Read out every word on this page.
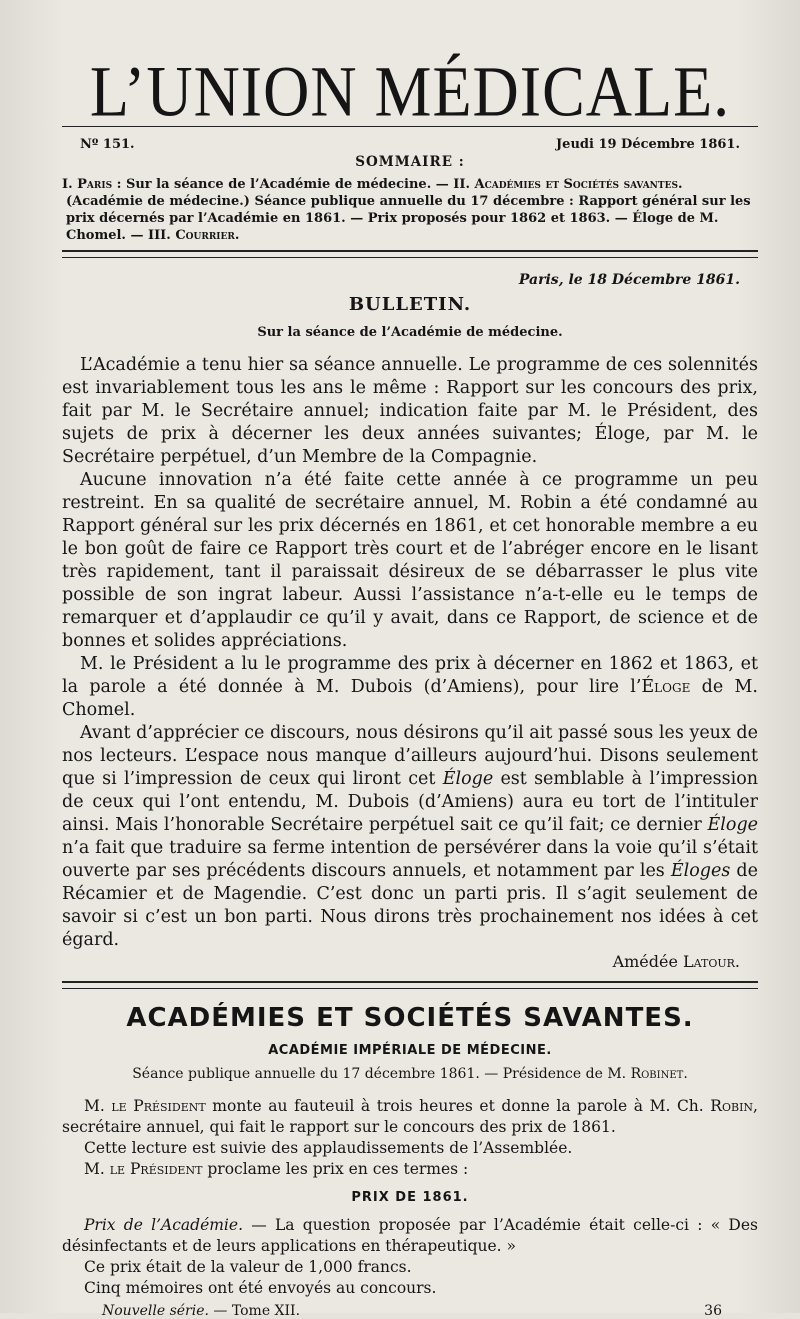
L’UNION MÉDICALE.
Nº 151.	Jeudi 19 Décembre 1861.
SOMMAIRE :
I. Paris : Sur la séance de l’Académie de médecine. — II. Académies et Sociétés savantes. (Académie de médecine.) Séance publique annuelle du 17 décembre : Rapport général sur les prix décernés par l’Académie en 1861. — Prix proposés pour 1862 et 1863. — Éloge de M. Chomel. — III. Courrier.
Paris, le 18 Décembre 1861.
BULLETIN.
Sur la séance de l’Académie de médecine.

L’Académie a tenu hier sa séance annuelle. Le programme de ces solennités est invariablement tous les ans le même : Rapport sur les concours des prix, fait par M. le Secrétaire annuel; indication faite par M. le Président, des sujets de prix à décerner les deux années suivantes; Éloge, par M. le Secrétaire perpétuel, d’un Membre de la Compagnie.

Aucune innovation n’a été faite cette année à ce programme un peu restreint. En sa qualité de secrétaire annuel, M. Robin a été condamné au Rapport général sur les prix décernés en 1861, et cet honorable membre a eu le bon goût de faire ce Rapport très court et de l’abréger encore en le lisant très rapidement, tant il paraissait désireux de se débarrasser le plus vite possible de son ingrat labeur. Aussi l’assistance n’a-t-elle eu le temps de remarquer et d’applaudir ce qu’il y avait, dans ce Rapport, de science et de bonnes et solides appréciations.

M. le Président a lu le programme des prix à décerner en 1862 et 1863, et la parole a été donnée à M. Dubois (d’Amiens), pour lire l’Éloge de M. Chomel.

Avant d’apprécier ce discours, nous désirons qu’il ait passé sous les yeux de nos lecteurs. L’espace nous manque d’ailleurs aujourd’hui. Disons seulement que si l’impression de ceux qui liront cet Éloge est semblable à l’impression de ceux qui l’ont entendu, M. Dubois (d’Amiens) aura eu tort de l’intituler ainsi. Mais l’honorable Secrétaire perpétuel sait ce qu’il fait; ce dernier Éloge n’a fait que traduire sa ferme intention de persévérer dans la voie qu’il s’était ouverte par ses précédents discours annuels, et notamment par les Éloges de Récamier et de Magendie. C’est donc un parti pris. Il s’agit seulement de savoir si c’est un bon parti. Nous dirons très prochainement nos idées à cet égard.

Amédée Latour.
ACADÉMIES ET SOCIÉTÉS SAVANTES.
ACADÉMIE IMPÉRIALE DE MÉDECINE.
Séance publique annuelle du 17 décembre 1861. — Présidence de M. Robinet.

M. le Président monte au fauteuil à trois heures et donne la parole à M. Ch. Robin, secrétaire annuel, qui fait le rapport sur le concours des prix de 1861.

Cette lecture est suivie des applaudissements de l’Assemblée.

M. le Président proclame les prix en ces termes :

PRIX DE 1861.

Prix de l’Académie. — La question proposée par l’Académie était celle-ci : « Des désinfectants et de leurs applications en thérapeutique. »

Ce prix était de la valeur de 1,000 francs.

Cinq mémoires ont été envoyés au concours.

Nouvelle série. — Tome XII.	36
